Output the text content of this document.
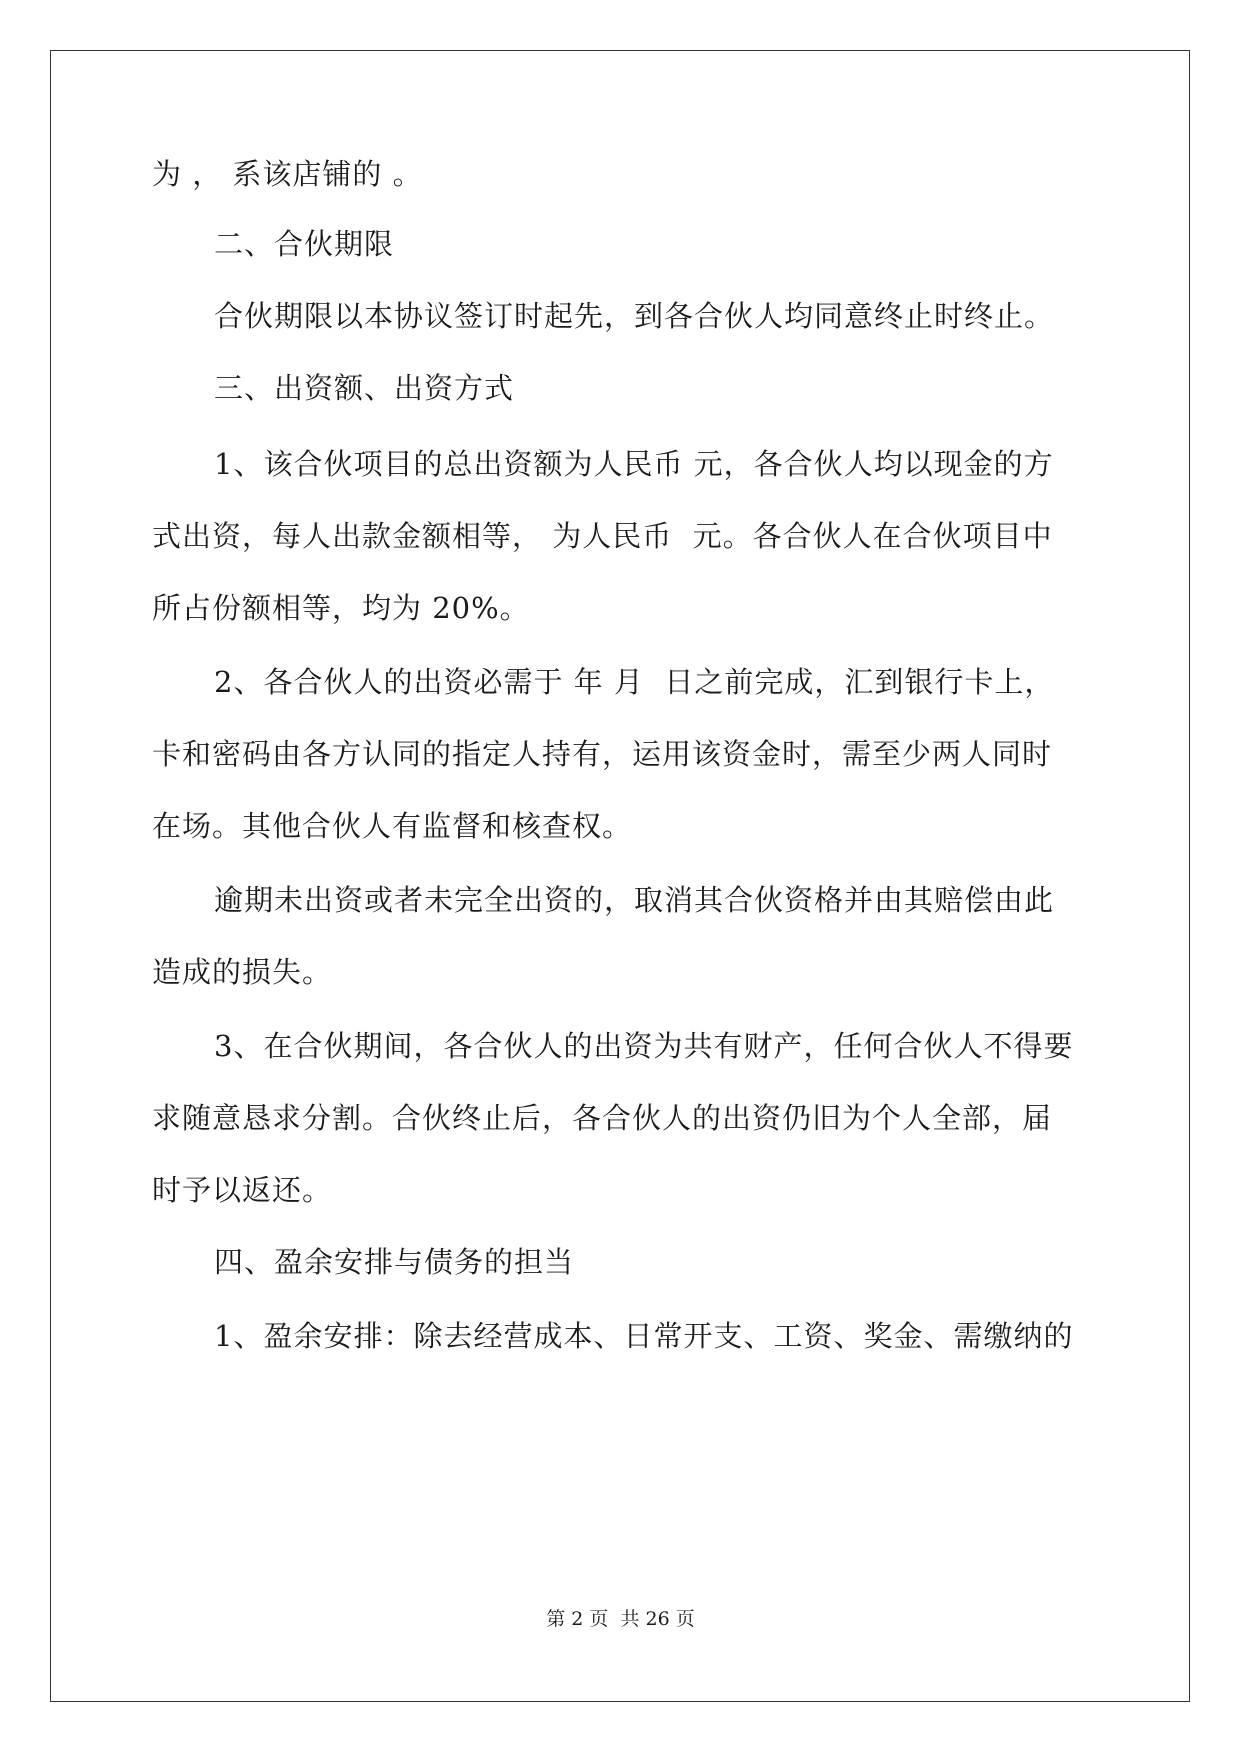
为 ， 系该店铺的 。
二、合伙期限
合伙期限以本协议签订时起先，到各合伙人均同意终止时终止。
三、出资额、出资方式
1、该合伙项目的总出资额为人民币 元，各合伙人均以现金的方
式出资，每人出款金额相等， 为人民币  元。各合伙人在合伙项目中
所占份额相等，均为 20%。
2、各合伙人的出资必需于 年 月  日之前完成，汇到银行卡上，
卡和密码由各方认同的指定人持有，运用该资金时，需至少两人同时
在场。其他合伙人有监督和核查权。
逾期未出资或者未完全出资的，取消其合伙资格并由其赔偿由此
造成的损失。
3、在合伙期间，各合伙人的出资为共有财产，任何合伙人不得要
求随意恳求分割。合伙终止后，各合伙人的出资仍旧为个人全部，届
时予以返还。
四、盈余安排与债务的担当
1、盈余安排：除去经营成本、日常开支、工资、奖金、需缴纳的
第 2 页  共 26 页
